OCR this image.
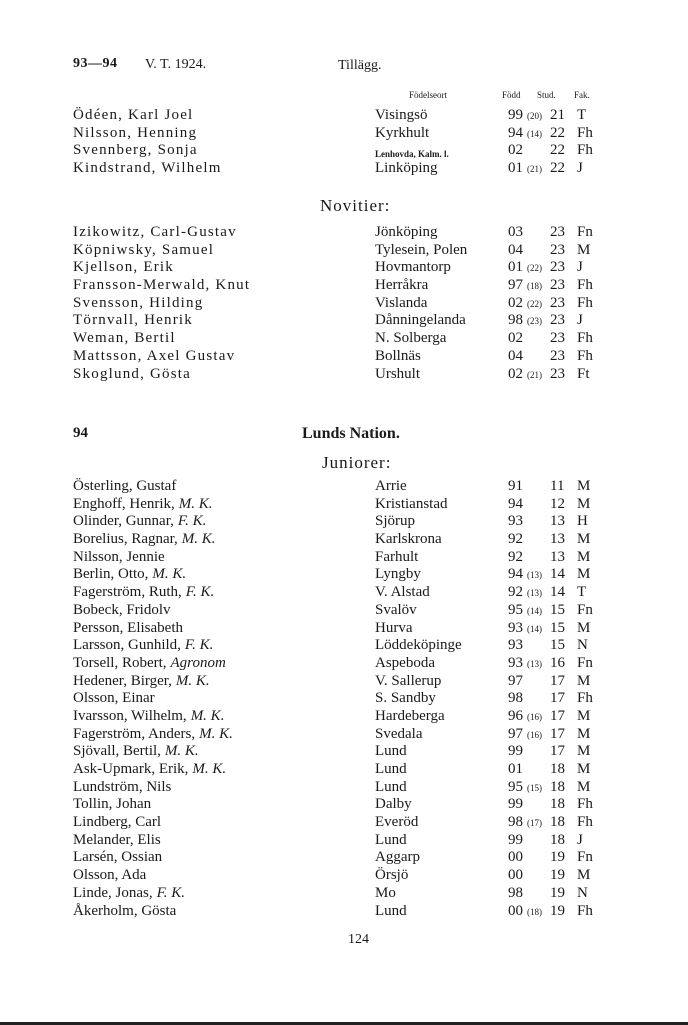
93—94 V. T. 1924.	Tillägg.
Födelseort	Född Stud. Fak.
Ödéen, Karl Joel	Visingsö	99 (20) 21 T
Nilsson, Henning	Kyrkhult	94 (14) 22 Fh
Svennberg, Sonja	Lenhovda, Kalm. l.	02 22 Fh
Kindstrand, Wilhelm	Linköping	01 (21) 22 J
Novitier:
Izikowitz, Carl-Gustav	Jönköping	03 23 Fn
Köpniwsky, Samuel	Tylesein, Polen	04 23 M
Kjellson, Erik	Hovmantorp	01 (22) 23 J
Fransson-Merwald, Knut	Herråkra	97 (18) 23 Fh
Svensson, Hilding	Vislanda	02 (22) 23 Fh
Törnvall, Henrik	Dånningelanda	98 (23) 23 J
Weman, Bertil	N. Solberga	02 23 Fh
Mattsson, Axel Gustav	Bollnäs	04 23 Fh
Skoglund, Gösta	Urshult	02 (21) 23 Ft
94	Lunds Nation.
Juniorer:
Österling, Gustaf	Arrie	91 11 M
Enghoff, Henrik, M. K.	Kristianstad	94 12 M
Olinder, Gunnar, F. K.	Sjörup	93 13 H
Borelius, Ragnar, M. K.	Karlskrona	92 13 M
Nilsson, Jennie	Farhult	92 13 M
Berlin, Otto, M. K.	Lyngby	94 (13) 14 M
Fagerström, Ruth, F. K.	V. Alstad	92 (13) 14 T
Bobeck, Fridolv	Svalöv	95 (14) 15 Fn
Persson, Elisabeth	Hurva	93 (14) 15 M
Larsson, Gunhild, F. K.	Löddeköpinge	93 15 N
Torsell, Robert, Agronom	Aspeboda	93 (13) 16 Fn
Hedener, Birger, M. K.	V. Sallerup	97 17 M
Olsson, Einar	S. Sandby	98 17 Fh
Ivarsson, Wilhelm, M. K.	Hardeberga	96 (16) 17 M
Fagerström, Anders, M. K.	Svedala	97 (16) 17 M
Sjövall, Bertil, M. K.	Lund	99 17 M
Ask-Upmark, Erik, M. K.	Lund	01 18 M
Lundström, Nils	Lund	95 (15) 18 M
Tollin, Johan	Dalby	99 18 Fh
Lindberg, Carl	Everöd	98 (17) 18 Fh
Melander, Elis	Lund	99 18 J
Larsén, Ossian	Aggarp	00 19 Fn
Olsson, Ada	Örsjö	00 19 M
Linde, Jonas, F. K.	Mo	98 19 N
Åkerholm, Gösta	Lund	00 (18) 19 Fh
124
